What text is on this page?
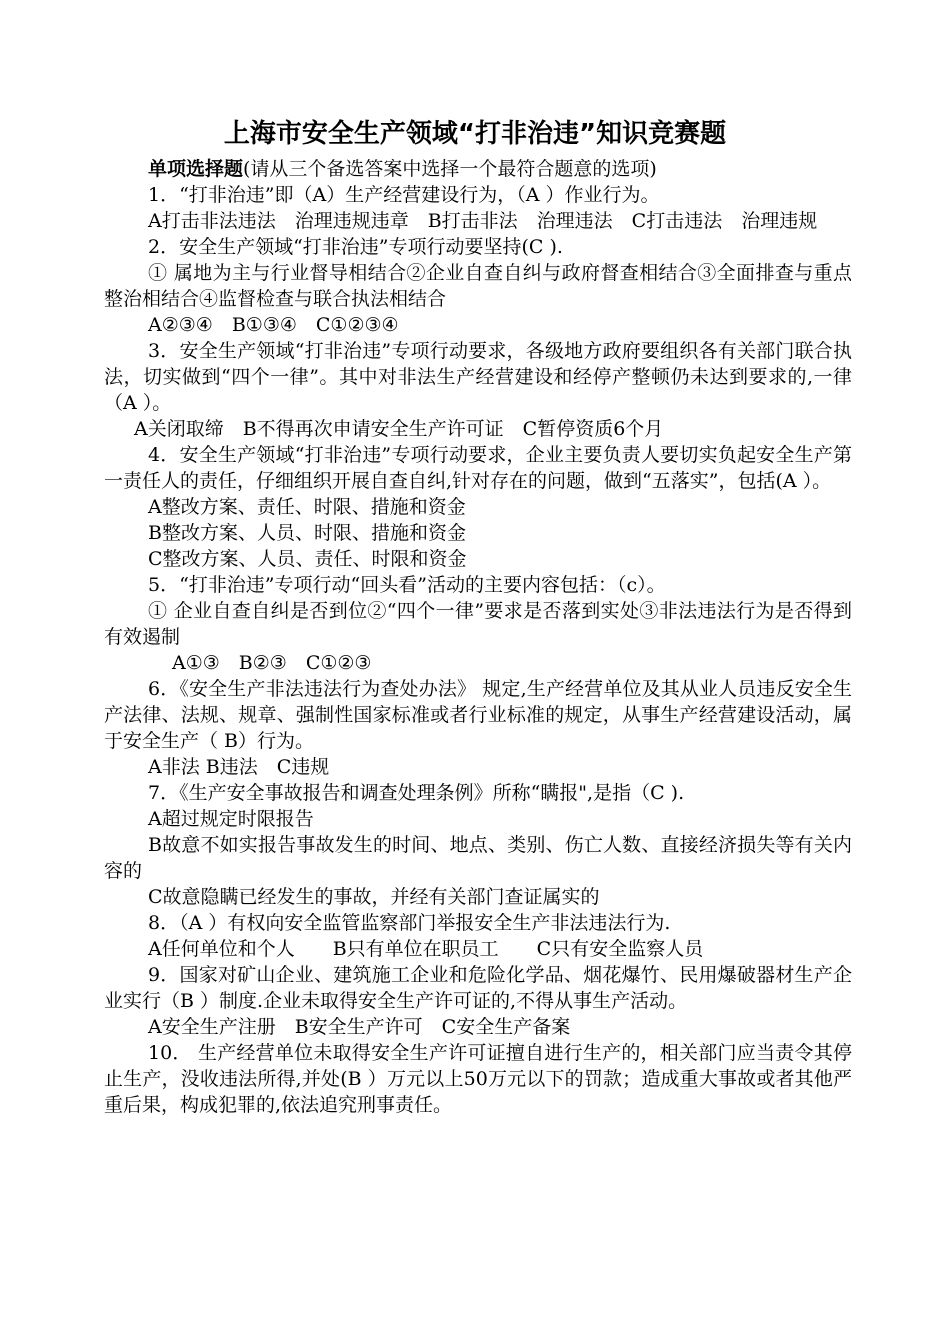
上海市安全生产领域“打非治违”知识竞赛题

单项选择题(请从三个备选答案中选择一个最符合题意的选项)

1．“打非治违”即（A）生产经营建设行为，（A ）作业行为。

A打击非法违法　治理违规违章　B打击非法　治理违法　C打击违法　治理违规

2．安全生产领域“打非治违”专项行动要坚持(C ).

① 属地为主与行业督导相结合②企业自查自纠与政府督查相结合③全面排查与重点整治相结合④监督检查与联合执法相结合

A②③④　B①③④　C①②③④

3．安全生产领域“打非治违”专项行动要求，各级地方政府要组织各有关部门联合执法，切实做到“四个一律”。其中对非法生产经营建设和经停产整顿仍未达到要求的,一律（A ）。

A关闭取缔　B不得再次申请安全生产许可证　C暂停资质6个月

4．安全生产领域“打非治违”专项行动要求，企业主要负责人要切实负起安全生产第一责任人的责任，仔细组织开展自查自纠,针对存在的问题，做到“五落实”，包括(A ）。

A整改方案、责任、时限、措施和资金

B整改方案、人员、时限、措施和资金

C整改方案、人员、责任、时限和资金

5．“打非治违”专项行动“回头看”活动的主要内容包括：（c）。

① 企业自查自纠是否到位②“四个一律”要求是否落到实处③非法违法行为是否得到有效遏制

A①③　B②③　C①②③

6．《安全生产非法违法行为查处办法》 规定,生产经营单位及其从业人员违反安全生产法律、法规、规章、强制性国家标准或者行业标准的规定，从事生产经营建设活动，属于安全生产（ B）行为。

A非法 B违法　C违规

7．《生产安全事故报告和调查处理条例》所称“瞒报",是指（C ).

A超过规定时限报告

B故意不如实报告事故发生的时间、地点、类别、伤亡人数、直接经济损失等有关内容的

C故意隐瞒已经发生的事故，并经有关部门查证属实的

8．（A ）有权向安全监管监察部门举报安全生产非法违法行为.

A任何单位和个人　　B只有单位在职员工　　C只有安全监察人员

9．国家对矿山企业、建筑施工企业和危险化学品、烟花爆竹、民用爆破器材生产企业实行（B ）制度.企业未取得安全生产许可证的,不得从事生产活动。

A安全生产注册　B安全生产许可　C安全生产备案

10． 生产经营单位未取得安全生产许可证擅自进行生产的，相关部门应当责令其停止生产，没收违法所得,并处(B ）万元以上50万元以下的罚款；造成重大事故或者其他严重后果，构成犯罪的,依法追究刑事责任。
